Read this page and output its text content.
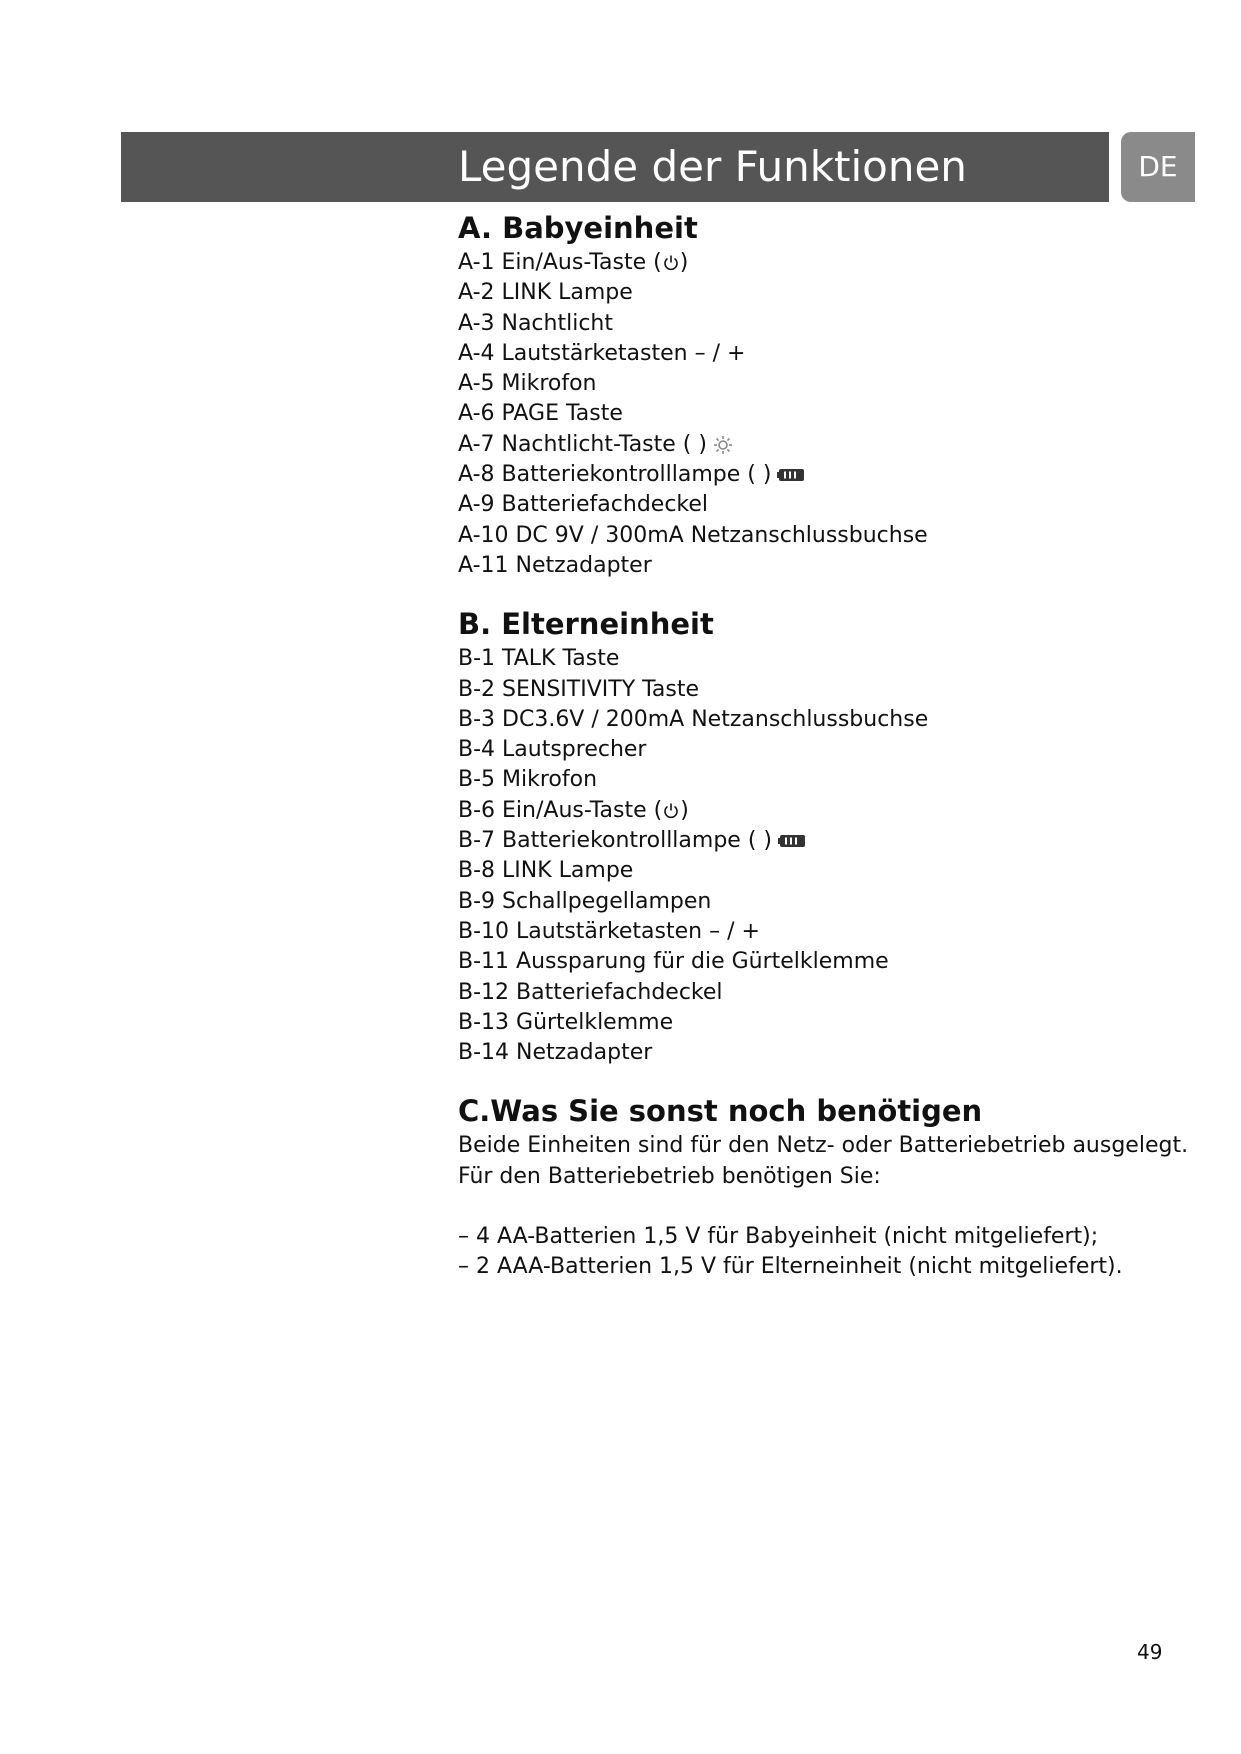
Legende der Funktionen	DE
A. Babyeinheit
A-1 Ein/Aus-Taste ( )
A-2 LINK Lampe
A-3 Nachtlicht
A-4 Lautstärketasten – / +
A-5 Mikrofon
A-6 PAGE Taste
A-7 Nachtlicht-Taste ( )
A-8 Batteriekontrolllampe ( )
A-9 Batteriefachdeckel
A-10 DC 9V / 300mA Netzanschlussbuchse
A-11 Netzadapter
B. Elterneinheit
B-1 TALK Taste
B-2 SENSITIVITY Taste
B-3 DC3.6V / 200mA Netzanschlussbuchse
B-4 Lautsprecher
B-5 Mikrofon
B-6 Ein/Aus-Taste ( )
B-7 Batteriekontrolllampe ( )
B-8 LINK Lampe
B-9 Schallpegellampen
B-10 Lautstärketasten – / +
B-11 Aussparung für die Gürtelklemme
B-12 Batteriefachdeckel
B-13 Gürtelklemme
B-14 Netzadapter
C.Was Sie sonst noch benötigen

Beide Einheiten sind für den Netz- oder Batteriebetrieb ausgelegt.

Für den Batteriebetrieb benötigen Sie:

– 4 AA-Batterien 1,5 V für Babyeinheit (nicht mitgeliefert);

– 2 AAA-Batterien 1,5 V für Elterneinheit (nicht mitgeliefert).

49
